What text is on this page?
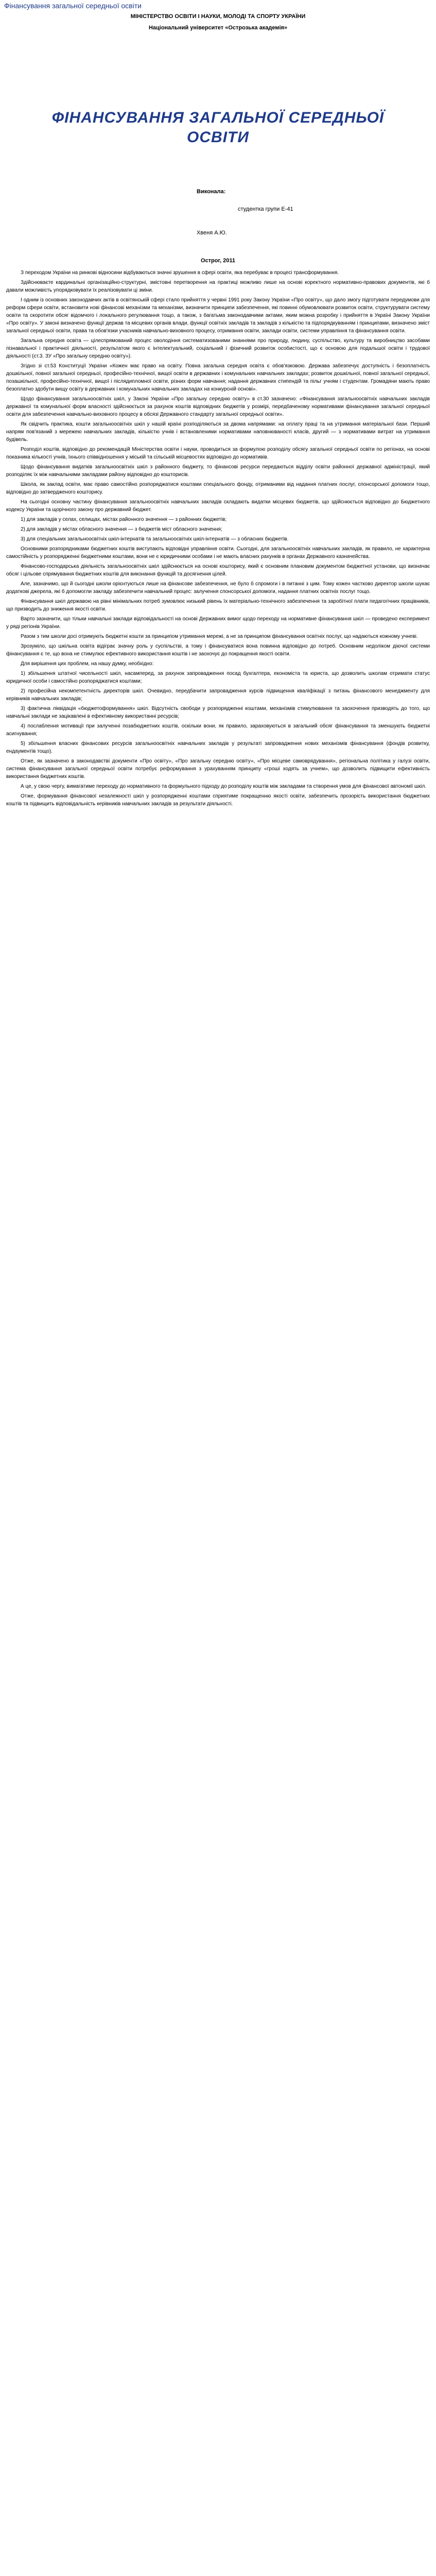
Фінансування загальної середньої освіти
МІНІСТЕРСТВО ОСВІТИ І НАУКИ, МОЛОДІ ТА СПОРТУ УКРАЇНИ
Національний університет «Острозька академія»
ФІНАНСУВАННЯ ЗАГАЛЬНОЇ СЕРЕДНЬОЇ ОСВІТИ
Виконала:
студентка групи Е-41
Хвеня А.Ю.
Острог, 2011

З переходом України на ринкові відносини відбуваються значні зрушення в сфері освіти, яка перебуває в процесі трансформування.

Здійснюваєте кардинальні організаційно-структурні, змістовні перетворення на практиці можливо лише на основі коректного нормативно-правових документів, які б давали можливість упорядковувати їх реалізовувати ці зміни.

І одним із основних законодавчих актів в освітянській сфері стало прийняття у червні 1991 року Закону України «Про освіту», що дало змогу підготувати передумови для реформ сфери освіти, встановити нові фінансові механізми та механізми, визначити принципи забезпечення, які повинні обумовлювати розвиток освіти, структурувати систему освіти та скоротити обсяг відомчого і локального регулювання тощо, а також, з багатьма законодавчими актами, яким можна розробку і прийняття в Україні Закону України «Про освіту». У законі визначено функції держав та місцевих органів влади, функції освітніх закладів та закладів з кількістю та підпорядкуванням і принципами, визначено зміст загальної середньої освіти, права та обов'язки учасників навчально-виховного процесу, отримання освіти, заклади освіти, системи управління та фінансування освіти.

Загальна середня освіта — цілеспрямований процес оволодіння систематизованими знаннями про природу, людину, суспільство, культуру та виробництво засобами пізнавальної і практичної діяльності, результатом якого є інтелектуальний, соціальний і фізичний розвиток особистості, що є основою для подальшої освіти і трудової діяльності (ст.3. ЗУ «Про загальну середню освіту»).

Згідно зі ст.53 Конституції України «Кожен має право на освіту. Повна загальна середня освіта є обов'язковою. Держава забезпечує доступність і безоплатність дошкільної, повної загальної середньої, професійно-технічної, вищої освіти в державних і комунальних навчальних закладах; розвиток дошкільної, повної загальної середньої, позашкільної, професійно-технічної, вищої і післядипломної освіти, різних форм навчання; надання державних стипендій та пільг учням і студентам. Громадяни мають право безоплатно здобути вищу освіту в державних і комунальних навчальних закладах на конкурсній основі».

Щодо фінансування загальноосвітніх шкіл, у Законі України «Про загальну середню освіту» в ст.30 зазначено: «Фінансування загальноосвітніх навчальних закладів державної та комунальної форм власності здійснюється за рахунок коштів відповідних бюджетів у розмірі, передбаченому нормативами фінансування загальної середньої освіти для забезпечення навчально-виховного процесу в обсязі Державного стандарту загальної середньої освіти».

Як свідчить практика, кошти загальноосвітніх шкіл у нашій країні розподіляються за двома напрямами: на оплату праці та на утримання матеріальної бази. Перший напрям пов'язаний з мережею навчальних закладів, кількістю учнів і встановленими нормативами наповнюваності класів, другий — з нормативами витрат на утримання будівель.

Розподіл коштів, відповідно до рекомендацій Міністерства освіти і науки, проводиться за формулою розподілу обсягу загальної середньої освіти по регіонах, на основі показника кількості учнів, їхнього співвідношення у міській та сільській місцевостях відповідно до нормативів.

Щодо фінансування видатків загальноосвітніх шкіл з районного бюджету, то фінансові ресурси передаються відділу освіти районної державної адміністрації, який розподіляє їх між навчальними закладами району відповідно до кошторисів.

Школа, як заклад освіти, має право самостійно розпоряджатися коштами спеціального фонду, отриманими від надання платних послуг, спонсорської допомоги тощо, відповідно до затвердженого кошторису.

На сьогодні основну частину фінансування загальноосвітніх навчальних закладів складають видатки місцевих бюджетів, що здійснюється відповідно до Бюджетного кодексу України та щорічного закону про державний бюджет.

1) для закладів у селах, селищах, містах районного значення — з районних бюджетів;

2) для закладів у містах обласного значення — з бюджетів міст обласного значення;

3) для спеціальних загальноосвітніх шкіл-інтернатів та загальноосвітніх шкіл-інтернатів — з обласних бюджетів.

Основними розпорядниками бюджетних коштів виступають відповідні управління освіти. Сьогодні, для загальноосвітніх навчальних закладів, як правило, не характерна самостійність у розпорядженні бюджетними коштами, вони не є юридичними особами і не мають власних рахунків в органах Державного казначейства.

Фінансово-господарська діяльність загальноосвітніх шкіл здійснюється на основі кошторису, який є основним плановим документом бюджетної установи, що визначає обсяг і цільове спрямування бюджетних коштів для виконання функцій та досягнення цілей.

Але, зазначимо, що й сьогодні школи орієнтуються лише на фінансове забезпечення, не було б спромоги і в питанні з цим. Тому кожен частково директор школи шукає додаткові джерела, які б допомогли закладу забезпечити навчальний процес: залучення спонсорської допомоги, надання платних освітніх послуг тощо.

Фінансування шкіл державою на рівні мінімальних потреб зумовлює низький рівень їх матеріально-технічного забезпечення та заробітної плати педагогічних працівників, що призводить до зниження якості освіти.

Варто зазначити, що тільки навчальні заклади відповідальності на основі Державних вимог щодо переходу на нормативне фінансування шкіл — проведено експеримент у ряді регіонів України.

Разом з тим школи досі отримують бюджетні кошти за принципом утримання мережі, а не за принципом фінансування освітніх послуг, що надаються кожному учневі.

Зрозуміло, що шкільна освіта відіграє значну роль у суспільстві, а тому і фінансуватися вона повинна відповідно до потреб. Основним недоліком діючої системи фінансування є те, що вона не стимулює ефективного використання коштів і не заохочує до покращення якості освіти.

Для вирішення цих проблем, на нашу думку, необхідно:

1) збільшення штатної чисельності шкіл, насамперед, за рахунок запровадження посад бухгалтера, економіста та юриста, що дозволить школам отримати статус юридичної особи і самостійно розпоряджатися коштами;

2) професійна некомпетентність директорів шкіл. Очевидно, передбачити запровадження курсів підвищення кваліфікації з питань фінансового менеджменту для керівників навчальних закладів;

3) фактична ліквідація «бюджетоформування» шкіл. Відсутність свободи у розпорядженні коштами, механізмів стимулювання та заохочення призводять до того, що навчальні заклади не зацікавлені в ефективному використанні ресурсів;

4) послаблення мотивації при залученні позабюджетних коштів, оскільки вони, як правило, зараховуються в загальний обсяг фінансування та зменшують бюджетні асигнування;

5) збільшення власних фінансових ресурсів загальноосвітніх навчальних закладів у результаті запровадження нових механізмів фінансування (фондів розвитку, ендаументів тощо).

Отже, як зазначено в законодавстві документи «Про освіту», «Про загальну середню освіту», «Про місцеве самоврядування», регіональна політика у галузі освіти, система фінансування загальної середньої освіти потребує реформування з урахуванням принципу «гроші ходять за учнем», що дозволить підвищити ефективність використання бюджетних коштів.

А це, у свою чергу, вимагатиме переходу до нормативного та формульного підходу до розподілу коштів між закладами та створення умов для фінансової автономії шкіл.

Отже, формування фінансової незалежності шкіл у розпорядженні коштами сприятиме покращенню якості освіти, забезпечить прозорість використання бюджетних коштів та підвищить відповідальність керівників навчальних закладів за результати діяльності.
